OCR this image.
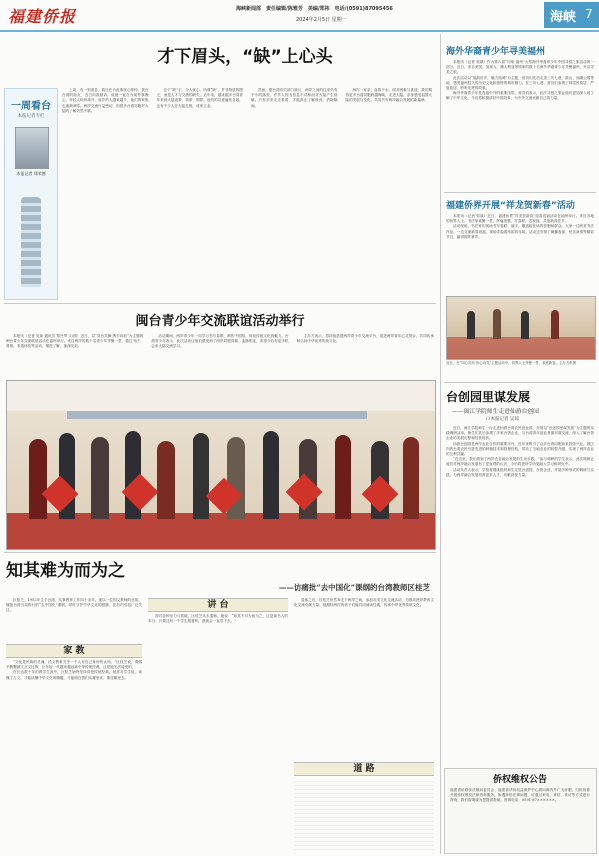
福建侨报	海峡新闻部　责任编辑/陈雅芳　美编/郑祎　电话/(0591)87095456
2024年2月5日 星期一	海峡 7
才下眉头，“缺”上心头
一周看台
本报记者专栏
本报记者 郑荣德

上周，有一则消息，我还在为此事忧心忡忡。我在台湾的朋友，近日向我倾诉，说他一直在为某件事操心，年轻人纷纷离开，返乡的人越来越少，他们的家族也逐渐凋零。两岸交流日益密切，但很多台湾同胞对大陆的了解仍然不够。

这个“缺”字，令人忧心。所谓“缺”，并非物质的匮乏，而是人才与交流的缺失。近年来，越来越多台湾青年来到大陆追梦、筑梦、圆梦，他们的足迹遍布各地，也有不少人在大陆扎根，成家立业。

然而，据台湾有关部门统计，两岸之间的往来仍有不小的落差，许多人因为信息不对称而对大陆产生误解。只有多来走走看看，才能真正了解彼此，消除隔阂。

两岸一家亲，血浓于水。面对困难与挑战，我们期待更多台湾同胞跨越海峡，走进大陆，亲身感受祖国大陆的发展与变化，共同书写两岸融合发展的新篇章。

海外华裔青少年寻美福州

本报讯（记者 郭斌）作为第六届“印象·福州”大型海外华裔青少年中国寻根之旅活动的一部分，近日，来自美国、加拿大、澳大利亚等国家的数十名海外华裔青少年齐聚福州，开启寻美之旅。

此次活动以“福韵侨乡，魅力榕城”为主题，营员们先后走进三坊七巷、鼓山、西湖公园等地，感受福州悠久的历史文化和独特的城市魅力。在三坊七巷，营员们参观了林觉民故居、严复故居，聆听先贤的故事。

海外华裔青少年是连接中外的重要纽带。营员们表示，此次寻根之旅让他们更加深入地了解了中华文化，今后将积极讲好中国故事，为中外交流贡献自己的力量。

福建侨界开展“祥龙贺新春”活动

本报讯（记者 郭斌）近日，福建侨界“祥龙贺新春”迎春送福活动在福州举行。来自各地的侨界人士、书法家欢聚一堂，挥毫泼墨，写春联、送祝福，共迎新春佳节。

活动现场，书法家们现场书写春联、福字，赠送给在场的侨胞和群众。大家一边欣赏书法作品，一边交流新春祝福，现场洋溢着浓浓的年味。活动还安排了舞狮表演、民乐演奏等精彩节目，赢得阵阵掌声。

近日，在“同心同乐·侨心向党”主题活动中，侨界人士齐聚一堂，欢度新春。主办方供图
闽台青少年交流联谊活动举行

本报讯（记者 吴琼 通讯员 郑丹琴 文/图）近日，以“同台共舞·携手向前”为主题的闽台青少年交流联谊活动在福州举行。来自两岸的数十名青少年齐聚一堂，通过书法、剪纸、非遗体验等活动，增进了解、加深友谊。

活动期间，两岸青少年一同学习书写春联、制作中国结，体验传统文化的魅力。台湾青少年表示，此次活动让他们感受到了两岸同根同源、血脉相连，希望今后有更多机会来大陆交流学习。

主办方表示，将持续搭建两岸青少年交流平台，促进两岸青年心灵契合，共同传承和弘扬中华优秀传统文化。

知其难为而为之
——访痛批“去中国化”课纲的台湾教师区桂芝

区桂芝，1952年生于台湾，从事教育工作四十余年。她以一位国文教师的良知，痛批台湾当局推行的“去中国化”课纲，呼吁守护中华文化的根脉，在岛内引起广泛关注。

家 教

“文化是民族的灵魂，语文教育关乎一个人对自己身份的认同。”区桂芝说，课纲不断删减文言文比例，让年轻一代越来越远离中华传统经典，这是她无法接受的。

在长达数十年的教学生涯中，区桂芝始终坚持讲授传统经典。她常对学生说，读懂了古文，才能读懂中华文化的精髓，才能明白我们从哪里来、要往哪里去。

讲 台

面对各种压力与质疑，区桂芝从未退缩。她说：“知其不可为而为之，这是读书人的本分。只要还有一个学生愿意听，我就会一直讲下去。”

退休之后，区桂芝仍然奔走于两岸之间，参加各类文化交流活动，为推动两岸教育文化交流贡献力量。她期待两岸的孩子们能共同诵读经典，传承中华优秀传统文化。

道 路
台创园里谋发展
——闽江学院师生走进仙游台创园
口本报记者 吴琼

近日，闽江学院师生一行走进仙游台湾农民创业园，开展以“台创园里谋发展”为主题的实践调研活动。师生们先后参观了多家台资企业，与台湾青年创业者面对面交流，深入了解台资企业的发展历程和经营现状。

仙游台创园是两岸农业合作的重要平台，近年来吸引了众多台湾同胞前来投资兴业。园区内的台湾农民引进先进的种植技术和管理经验，带动了当地农业的转型升级，实现了两岸农业的互利共赢。

“在这里，我们看到了两岸农业融合发展的生动实践。”参与调研的学生表示，此次调研让他们对两岸融合发展有了更直观的认识，今后将把所学所见融入学习和研究中。

活动负责人表示，学校将继续组织师生走进台创园、台资企业，开展多种形式的调研与实践，为两岸融合发展培养更多人才，贡献高校力量。

侨权维权公告
福建省侨联侨法顾问委员会、福建省华侨权益保护中心面向海内外广大侨胞、归侨侨眷开展侨权维权法律咨询服务。如遇涉侨法律问题，可通过来电、来信、来访等方式进行咨询，我们将竭诚为您提供帮助。咨询电话：0591-87××××××。
